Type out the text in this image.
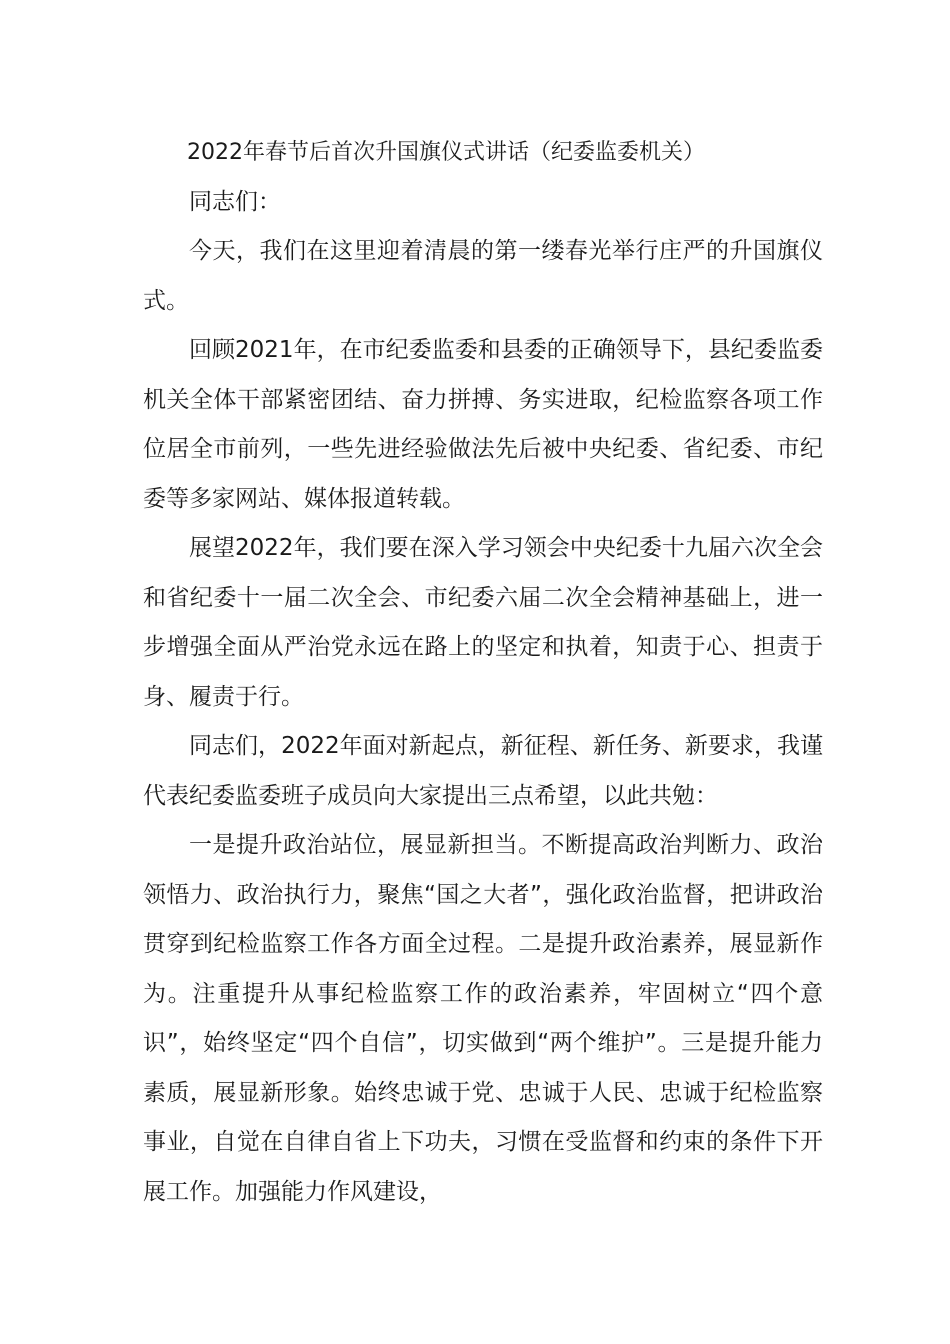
2022年春节后首次升国旗仪式讲话（纪委监委机关）

同志们：

今天，我们在这里迎着清晨的第一缕春光举行庄严的升国旗仪式。

回顾2021年，在市纪委监委和县委的正确领导下，县纪委监委机关全体干部紧密团结、奋力拼搏、务实进取，纪检监察各项工作位居全市前列，一些先进经验做法先后被中央纪委、省纪委、市纪委等多家网站、媒体报道转载。

展望2022年，我们要在深入学习领会中央纪委十九届六次全会和省纪委十一届二次全会、市纪委六届二次全会精神基础上，进一步增强全面从严治党永远在路上的坚定和执着，知责于心、担责于身、履责于行。

同志们，2022年面对新起点，新征程、新任务、新要求，我谨代表纪委监委班子成员向大家提出三点希望，以此共勉：

一是提升政治站位，展显新担当。不断提高政治判断力、政治领悟力、政治执行力，聚焦“国之大者”，强化政治监督，把讲政治贯穿到纪检监察工作各方面全过程。二是提升政治素养，展显新作为。注重提升从事纪检监察工作的政治素养，牢固树立“四个意识”，始终坚定“四个自信”，切实做到“两个维护”。三是提升能力素质，展显新形象。始终忠诚于党、忠诚于人民、忠诚于纪检监察事业，自觉在自律自省上下功夫，习惯在受监督和约束的条件下开展工作。加强能力作风建设，
